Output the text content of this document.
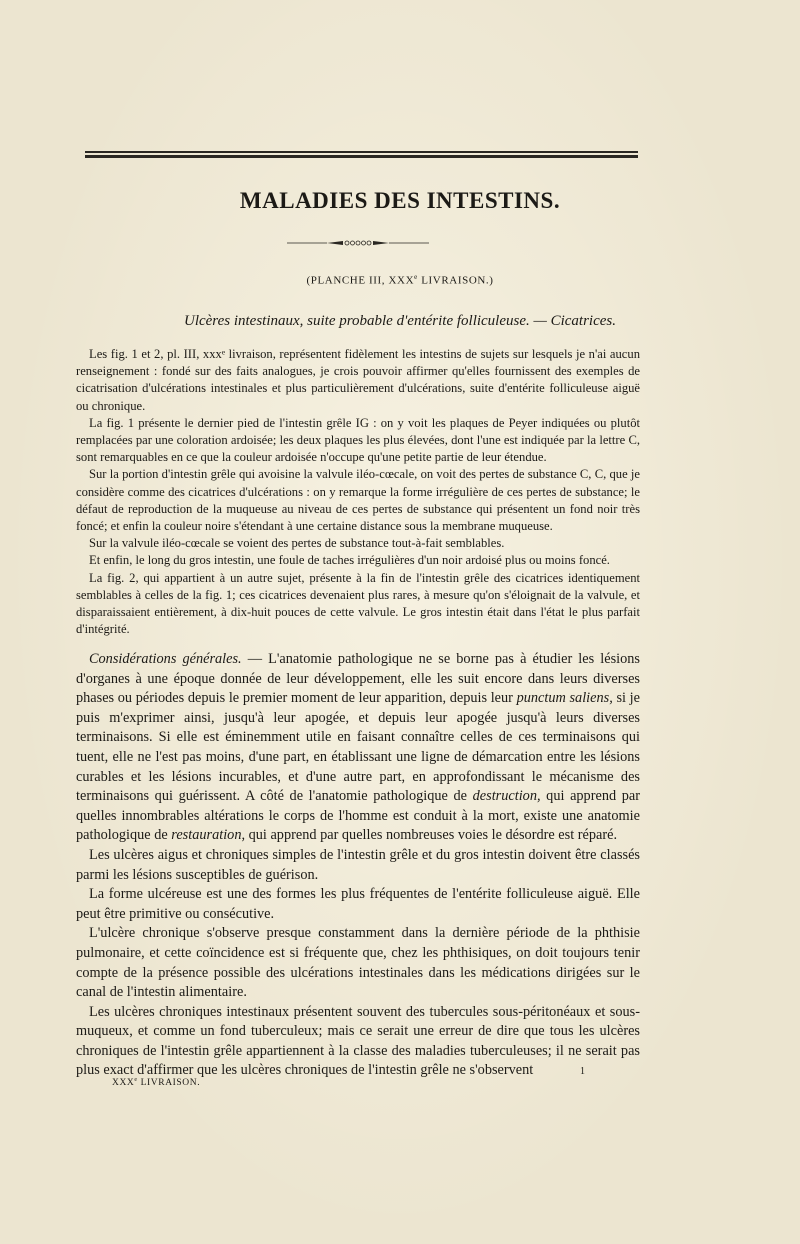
MALADIES DES INTESTINS.
(PLANCHE III, XXXe LIVRAISON.)
Ulcères intestinaux, suite probable d'entérite folliculeuse. — Cicatrices.

Les fig. 1 et 2, pl. III, xxxᵉ livraison, représentent fidèlement les intestins de sujets sur lesquels je n'ai aucun renseignement : fondé sur des faits analogues, je crois pouvoir affirmer qu'elles fournissent des exemples de cicatrisation d'ulcérations intestinales et plus particulièrement d'ulcérations, suite d'entérite folliculeuse aiguë ou chronique.

La fig. 1 présente le dernier pied de l'intestin grêle IG : on y voit les plaques de Peyer indiquées ou plutôt remplacées par une coloration ardoisée; les deux plaques les plus élevées, dont l'une est indiquée par la lettre C, sont remarquables en ce que la couleur ardoisée n'occupe qu'une petite partie de leur étendue.

Sur la portion d'intestin grêle qui avoisine la valvule iléo-cœcale, on voit des pertes de substance C, C, que je considère comme des cicatrices d'ulcérations : on y remarque la forme irrégulière de ces pertes de substance; le défaut de reproduction de la muqueuse au niveau de ces pertes de substance qui présentent un fond noir très foncé; et enfin la couleur noire s'étendant à une certaine distance sous la membrane muqueuse.

Sur la valvule iléo-cœcale se voient des pertes de substance tout-à-fait semblables.

Et enfin, le long du gros intestin, une foule de taches irrégulières d'un noir ardoisé plus ou moins foncé.

La fig. 2, qui appartient à un autre sujet, présente à la fin de l'intestin grêle des cicatrices identiquement semblables à celles de la fig. 1; ces cicatrices devenaient plus rares, à mesure qu'on s'éloignait de la valvule, et disparaissaient entièrement, à dix-huit pouces de cette valvule. Le gros intestin était dans l'état le plus parfait d'intégrité.

Considérations générales. — L'anatomie pathologique ne se borne pas à étudier les lésions d'organes à une époque donnée de leur développement, elle les suit encore dans leurs diverses phases ou périodes depuis le premier moment de leur apparition, depuis leur punctum saliens, si je puis m'exprimer ainsi, jusqu'à leur apogée, et depuis leur apogée jusqu'à leurs diverses terminaisons. Si elle est éminemment utile en faisant connaître celles de ces terminaisons qui tuent, elle ne l'est pas moins, d'une part, en établissant une ligne de démarcation entre les lésions curables et les lésions incurables, et d'une autre part, en approfondissant le mécanisme des terminaisons qui guérissent. A côté de l'anatomie pathologique de destruction, qui apprend par quelles innombrables altérations le corps de l'homme est conduit à la mort, existe une anatomie pathologique de restauration, qui apprend par quelles nombreuses voies le désordre est réparé.

Les ulcères aigus et chroniques simples de l'intestin grêle et du gros intestin doivent être classés parmi les lésions susceptibles de guérison.

La forme ulcéreuse est une des formes les plus fréquentes de l'entérite folliculeuse aiguë. Elle peut être primitive ou consécutive.

L'ulcère chronique s'observe presque constamment dans la dernière période de la phthisie pulmonaire, et cette coïncidence est si fréquente que, chez les phthisiques, on doit toujours tenir compte de la présence possible des ulcérations intestinales dans les médications dirigées sur le canal de l'intestin alimentaire.

Les ulcères chroniques intestinaux présentent souvent des tubercules sous-péritonéaux et sous-muqueux, et comme un fond tuberculeux; mais ce serait une erreur de dire que tous les ulcères chroniques de l'intestin grêle appartiennent à la classe des maladies tuberculeuses; il ne serait pas plus exact d'affirmer que les ulcères chroniques de l'intestin grêle ne s'observent

XXXe LIVRAISON.
1
